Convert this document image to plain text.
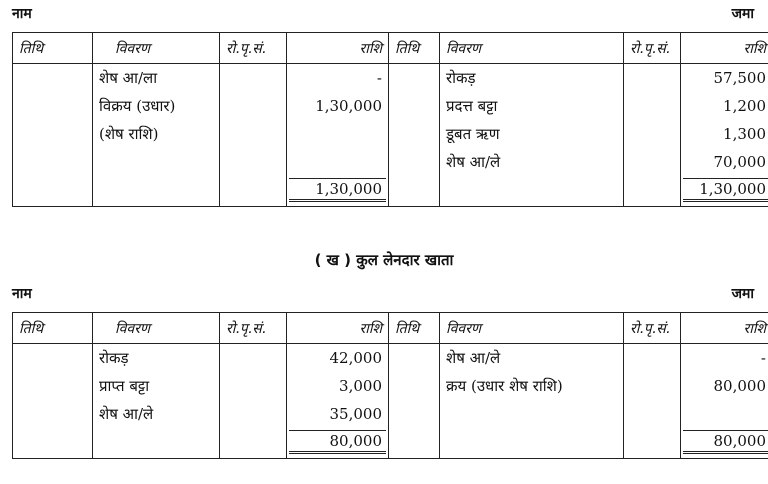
नाम	जमा
तिथि	विवरण	रो.पृ.सं.	राशि	तिथि	विवरण	रो.पृ.सं.	राशि
	शेष आ/ला		-		रोकड़		57,500
	विक्रय (उधार)		1,30,000		प्रदत्त बट्टा		1,200
	(शेष राशि)				डूबत ऋण		1,300
					शेष आ/ले		70,000

			1,30,000				1,30,000
( ख ) कुल लेनदार खाता
नाम	जमा
तिथि	विवरण	रो.पृ.सं.	राशि	तिथि	विवरण	रो.पृ.सं.	राशि
	रोकड़		42,000		शेष आ/ले		-
	प्राप्त बट्टा		3,000		क्रय (उधार शेष राशि)		80,000
	शेष आ/ले		35,000				

			80,000				80,000
